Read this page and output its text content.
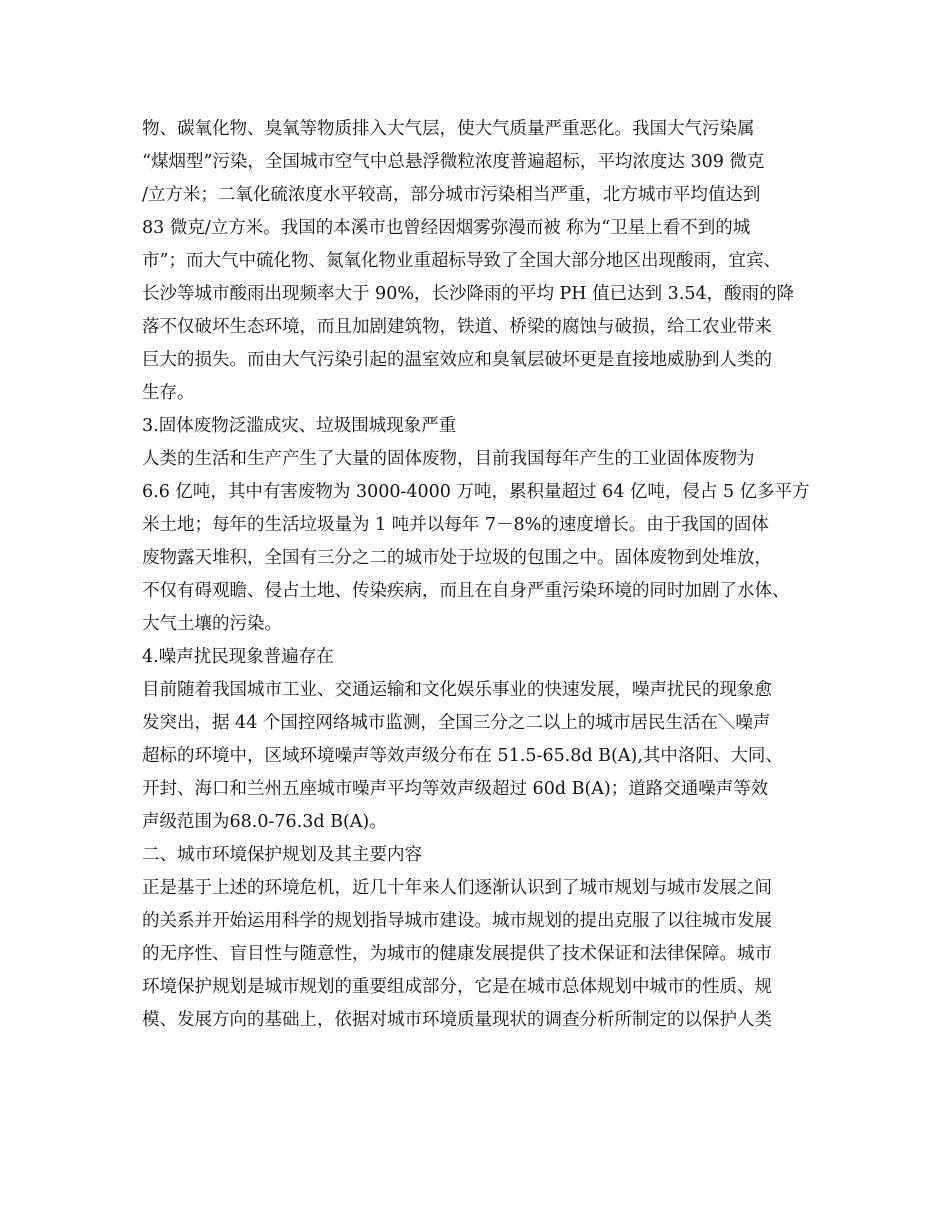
物、碳氧化物、臭氧等物质排入大气层，使大气质量严重恶化。我国大气污染属
“煤烟型”污染，全国城市空气中总悬浮微粒浓度普遍超标，平均浓度达 309 微克
/立方米；二氧化硫浓度水平较高，部分城市污染相当严重，北方城市平均值达到
83 微克/立方米。我国的本溪市也曾经因烟雾弥漫而被 称为“卫星上看不到的城
市”；而大气中硫化物、氮氧化物业重超标导致了全国大部分地区出现酸雨，宜宾、
长沙等城市酸雨出现频率大于 90%，长沙降雨的平均 PH 值已达到 3.54，酸雨的降
落不仅破坏生态环境，而且加剧建筑物，铁道、桥梁的腐蚀与破损，给工农业带来
巨大的损失。而由大气污染引起的温室效应和臭氧层破坏更是直接地威胁到人类的
生存。
3.固体废物泛滥成灾、垃圾围城现象严重
人类的生活和生产产生了大量的固体废物，目前我国每年产生的工业固体废物为
6.6 亿吨，其中有害废物为 3000-4000 万吨，累积量超过 64 亿吨，侵占 5 亿多平方
米土地；每年的生活垃圾量为 1 吨并以每年 7－8%的速度增长。由于我国的固体
废物露天堆积，全国有三分之二的城市处于垃圾的包围之中。固体废物到处堆放，
不仅有碍观瞻、侵占土地、传染疾病，而且在自身严重污染环境的同时加剧了水体、
大气土壤的污染。
4.噪声扰民现象普遍存在
目前随着我国城市工业、交通运输和文化娱乐事业的快速发展，噪声扰民的现象愈
发突出，据 44 个国控网络城市监测，全国三分之二以上的城市居民生活在＼噪声
超标的环境中，区域环境噪声等效声级分布在 51.5-65.8d B(A),其中洛阳、大同、
开封、海口和兰州五座城市噪声平均等效声级超过 60d B(A)；道路交通噪声等效
声级范围为68.0-76.3d B(A)。
二、城市环境保护规划及其主要内容
正是基于上述的环境危机，近几十年来人们逐渐认识到了城市规划与城市发展之间
的关系并开始运用科学的规划指导城市建设。城市规划的提出克服了以往城市发展
的无序性、盲目性与随意性，为城市的健康发展提供了技术保证和法律保障。城市
环境保护规划是城市规划的重要组成部分，它是在城市总体规划中城市的性质、规
模、发展方向的基础上，依据对城市环境质量现状的调查分析所制定的以保护人类
